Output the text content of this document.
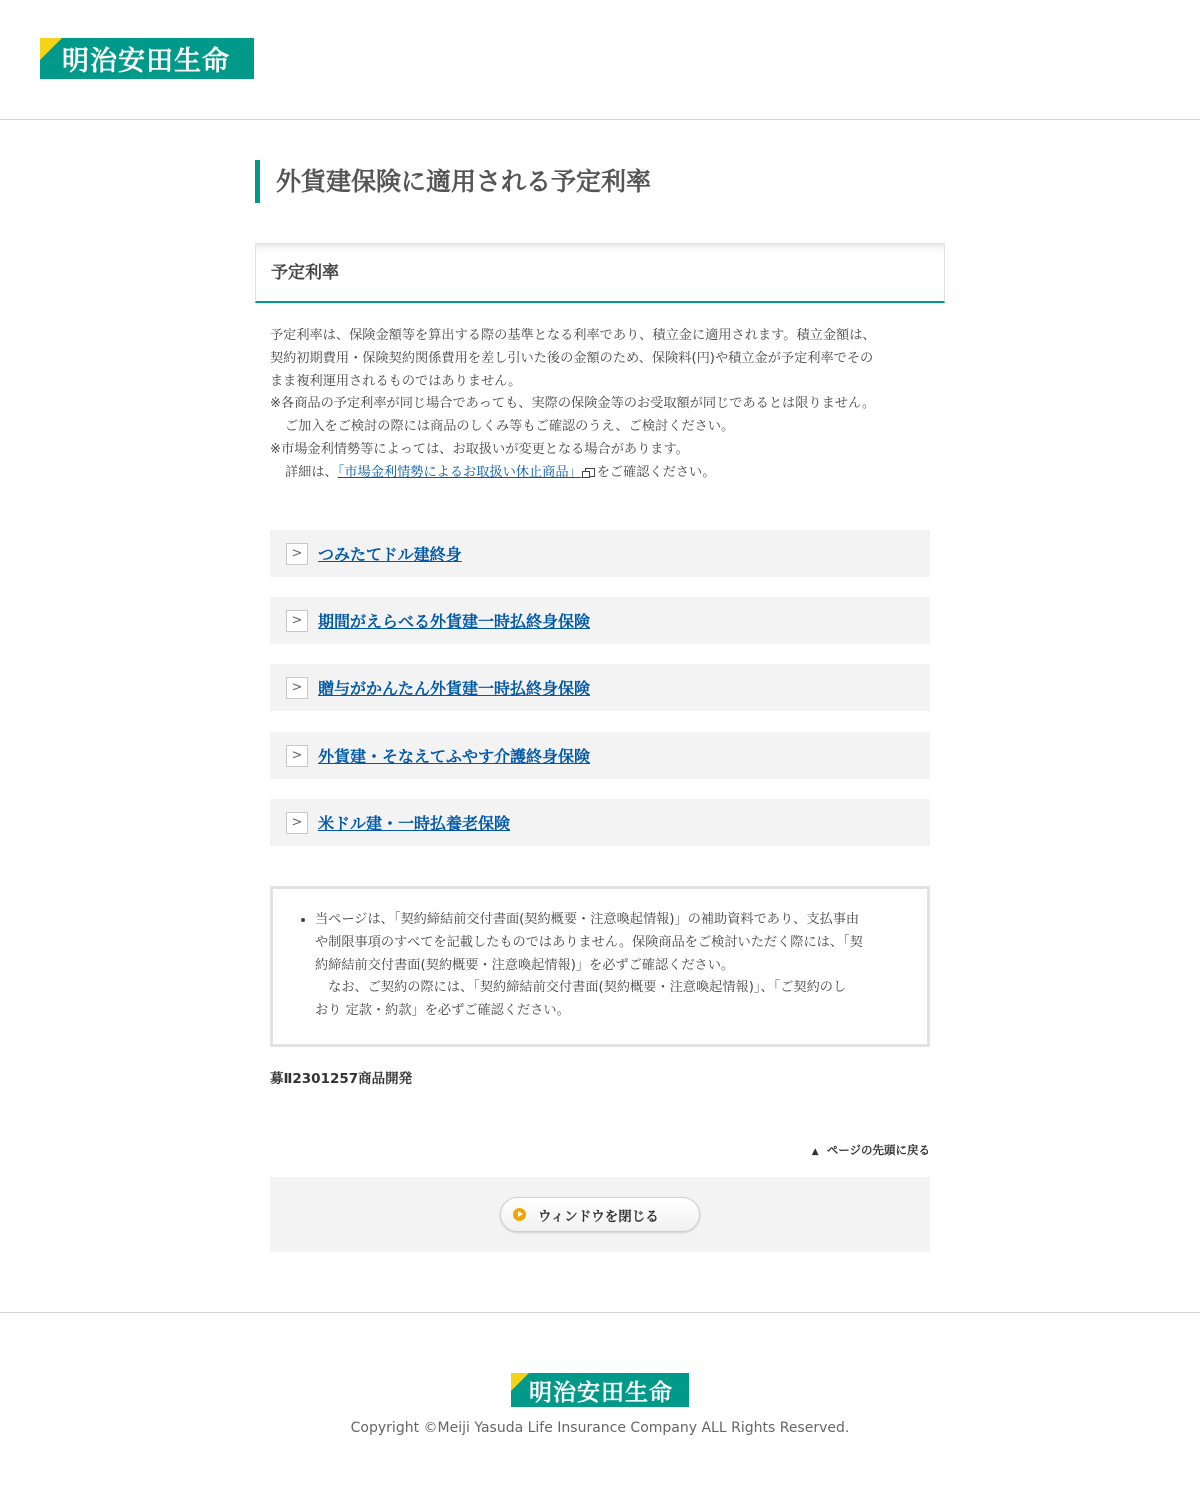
明治安田生命
外貨建保険に適用される予定利率
予定利率

予定利率は、保険金額等を算出する際の基準となる利率であり、積立金に適用されます。積立金額は、

契約初期費用・保険契約関係費用を差し引いた後の金額のため、保険料(円)や積立金が予定利率でその

まま複利運用されるものではありません。

※各商品の予定利率が同じ場合であっても、実際の保険金等のお受取額が同じであるとは限りません。

ご加入をご検討の際には商品のしくみ等もご確認のうえ、ご検討ください。

※市場金利情勢等によっては、お取扱いが変更となる場合があります。

詳細は、「市場金利情勢によるお取扱い休止商品」 をご確認ください。

> つみたてドル建終身
> 期間がえらべる外貨建一時払終身保険
> 贈与がかんたん外貨建一時払終身保険
> 外貨建・そなえてふやす介護終身保険
> 米ドル建・一時払養老保険

• 当ページは、「契約締結前交付書面(契約概要・注意喚起情報)」の補助資料であり、支払事由

や制限事項のすべてを記載したものではありません。保険商品をご検討いただく際には、「契

約締結前交付書面(契約概要・注意喚起情報)」を必ずご確認ください。

　なお、ご契約の際には、「契約締結前交付書面(契約概要・注意喚起情報)」、「ご契約のし

おり 定款・約款」を必ずご確認ください。

募Ⅱ2301257商品開発
▲ ページの先頭に戻る
ウィンドウを閉じる
明治安田生命
Copyright ©Meiji Yasuda Life Insurance Company ALL Rights Reserved.
